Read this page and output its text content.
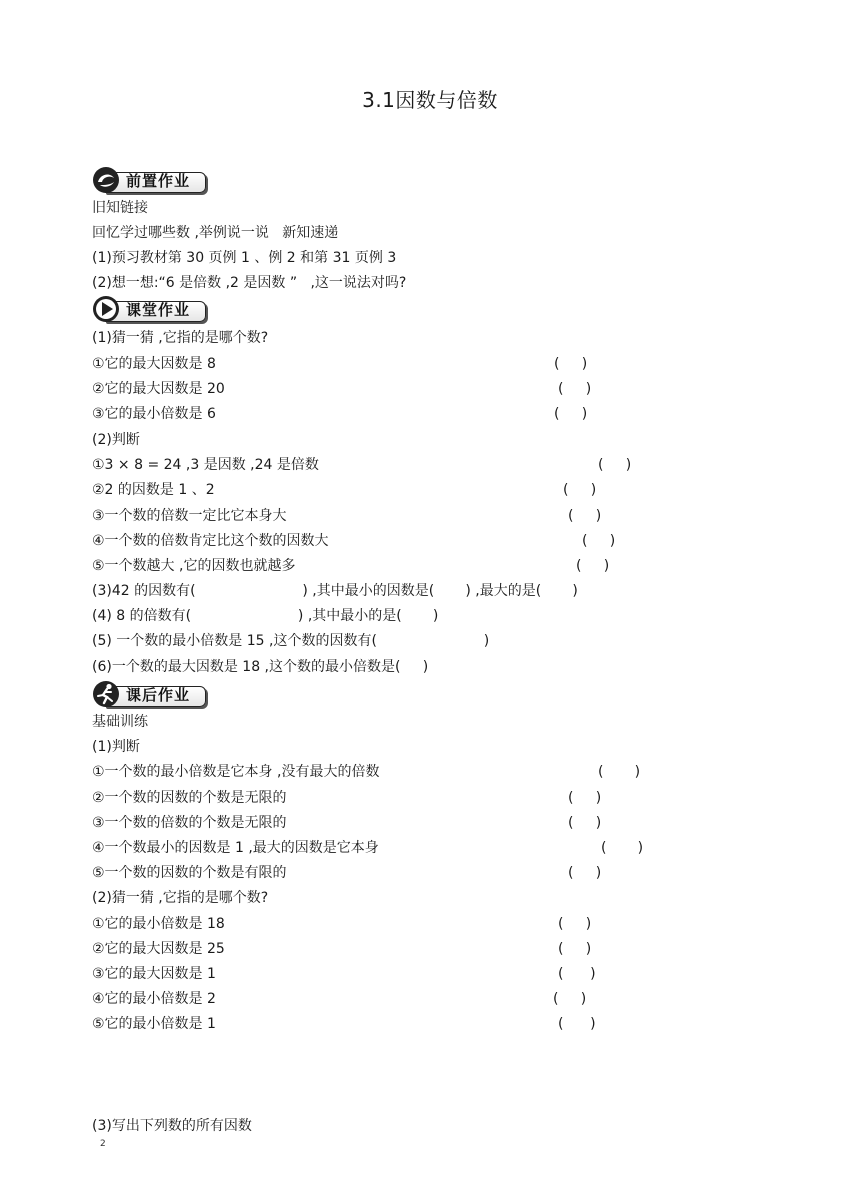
3.1因数与倍数
前置作业
旧知链接
回忆学过哪些数 ,举例说一说   新知速递
(1)预习教材第 30 页例 1 、例 2 和第 31 页例 3
(2)想一想:“6 是倍数 ,2 是因数 ”   ,这一说法对吗?
课堂作业
(1)猜一猜 ,它指的是哪个数?
①它的最大因数是 8	(     )
②它的最大因数是 20	(     )
③它的最小倍数是 6	(     )
(2)判断
①3 × 8 = 24 ,3 是因数 ,24 是倍数	(     )
②2 的因数是 1 、2	(     )
③一个数的倍数一定比它本身大	(     )
④一个数的倍数肯定比这个数的因数大	(     )
⑤一个数越大 ,它的因数也就越多	(     )
(3)42 的因数有(                        ) ,其中最小的因数是(       ) ,最大的是(       )
(4) 8 的倍数有(                        ) ,其中最小的是(       )
(5) 一个数的最小倍数是 15 ,这个数的因数有(                        )
(6)一个数的最大因数是 18 ,这个数的最小倍数是(     )
课后作业
基础训练
(1)判断
①一个数的最小倍数是它本身 ,没有最大的倍数	(       )
②一个数的因数的个数是无限的	(     )
③一个数的倍数的个数是无限的	(     )
④一个数最小的因数是 1 ,最大的因数是它本身	(       )
⑤一个数的因数的个数是有限的	(     )
(2)猜一猜 ,它指的是哪个数?
①它的最小倍数是 18	(     )
②它的最大因数是 25	(     )
③它的最大因数是 1	(      )
④它的最小倍数是 2	(     )
⑤它的最小倍数是 1	(      )
(3)写出下列数的所有因数
2
